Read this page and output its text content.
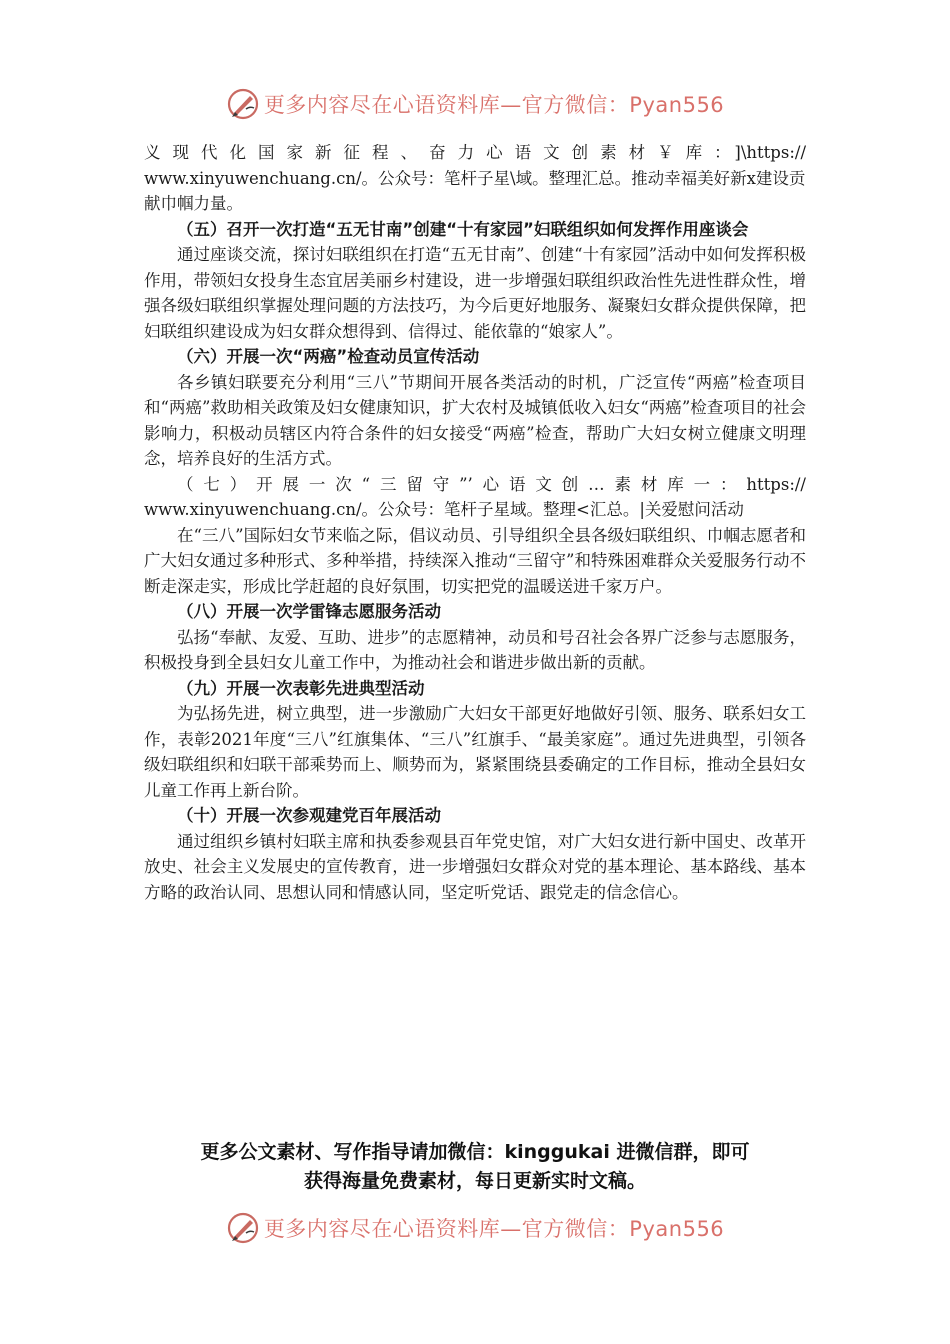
更多内容尽在心语资料库—官方微信：Pyan556

义现代化国家新征程、奋力心语文创素材￥库：]\https://

www.xinyuwenchuang.cn/。公众号：笔杆子星\域。整理汇总。推动幸福美好新x建设贡献巾帼力量。

（五）召开一次打造“五无甘南”创建“十有家园”妇联组织如何发挥作用座谈会

通过座谈交流，探讨妇联组织在打造“五无甘南”、创建“十有家园”活动中如何发挥积极作用，带领妇女投身生态宜居美丽乡村建设，进一步增强妇联组织政治性先进性群众性，增强各级妇联组织掌握处理问题的方法技巧，为今后更好地服务、凝聚妇女群众提供保障，把妇联组织建设成为妇女群众想得到、信得过、能依靠的“娘家人”。

（六）开展一次“两癌”检查动员宣传活动

各乡镇妇联要充分利用“三八”节期间开展各类活动的时机，广泛宣传“两癌”检查项目和“两癌”救助相关政策及妇女健康知识，扩大农村及城镇低收入妇女“两癌”检查项目的社会影响力，积极动员辖区内符合条件的妇女接受“两癌”检查，帮助广大妇女树立健康文明理念，培养良好的生活方式。

（七）开展一次“三留守”’心语文创…素材库一：https://

www.xinyuwenchuang.cn/。公众号：笔杆子星域。整理<汇总。|关爱慰问活动

在“三八”国际妇女节来临之际，倡议动员、引导组织全县各级妇联组织、巾帼志愿者和广大妇女通过多种形式、多种举措，持续深入推动“三留守”和特殊困难群众关爱服务行动不断走深走实，形成比学赶超的良好氛围，切实把党的温暖送进千家万户。

（八）开展一次学雷锋志愿服务活动

弘扬“奉献、友爱、互助、进步”的志愿精神，动员和号召社会各界广泛参与志愿服务，积极投身到全县妇女儿童工作中，为推动社会和谐进步做出新的贡献。

（九）开展一次表彰先进典型活动

为弘扬先进，树立典型，进一步激励广大妇女干部更好地做好引领、服务、联系妇女工作，表彰2021年度“三八”红旗集体、“三八”红旗手、“最美家庭”。通过先进典型，引领各级妇联组织和妇联干部乘势而上、顺势而为，紧紧围绕县委确定的工作目标，推动全县妇女儿童工作再上新台阶。

（十）开展一次参观建党百年展活动

通过组织乡镇村妇联主席和执委参观县百年党史馆，对广大妇女进行新中国史、改革开放史、社会主义发展史的宣传教育，进一步增强妇女群众对党的基本理论、基本路线、基本方略的政治认同、思想认同和情感认同，坚定听党话、跟党走的信念信心。

更多公文素材、写作指导请加微信：kinggukai 进微信群，即可
获得海量免费素材，每日更新实时文稿。
更多内容尽在心语资料库—官方微信：Pyan556
